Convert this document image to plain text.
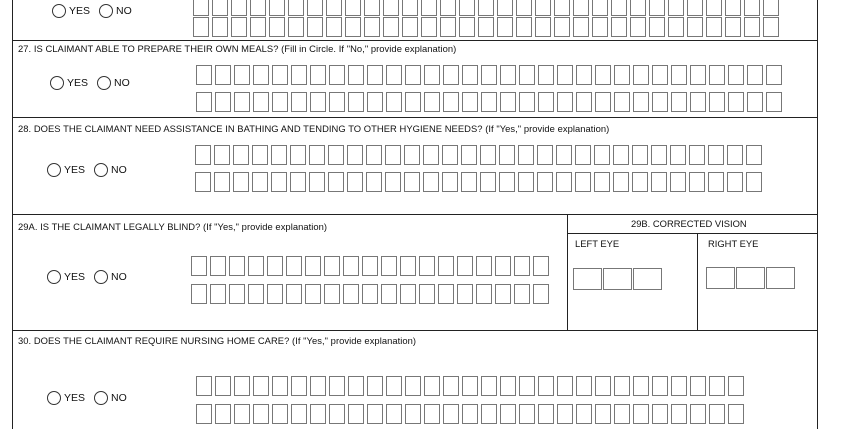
YES NO
27. IS CLAIMANT ABLE TO PREPARE THEIR OWN MEALS? (Fill in Circle. If "No," provide explanation)
YES NO
28. DOES THE CLAIMANT NEED ASSISTANCE IN BATHING AND TENDING TO OTHER HYGIENE NEEDS? (If "Yes," provide explanation)
YES NO
29A. IS THE CLAIMANT LEGALLY BLIND? (If "Yes," provide explanation)
YES NO
29B. CORRECTED VISION
LEFT EYE	RIGHT EYE
30. DOES THE CLAIMANT REQUIRE NURSING HOME CARE? (If "Yes," provide explanation)
YES NO
